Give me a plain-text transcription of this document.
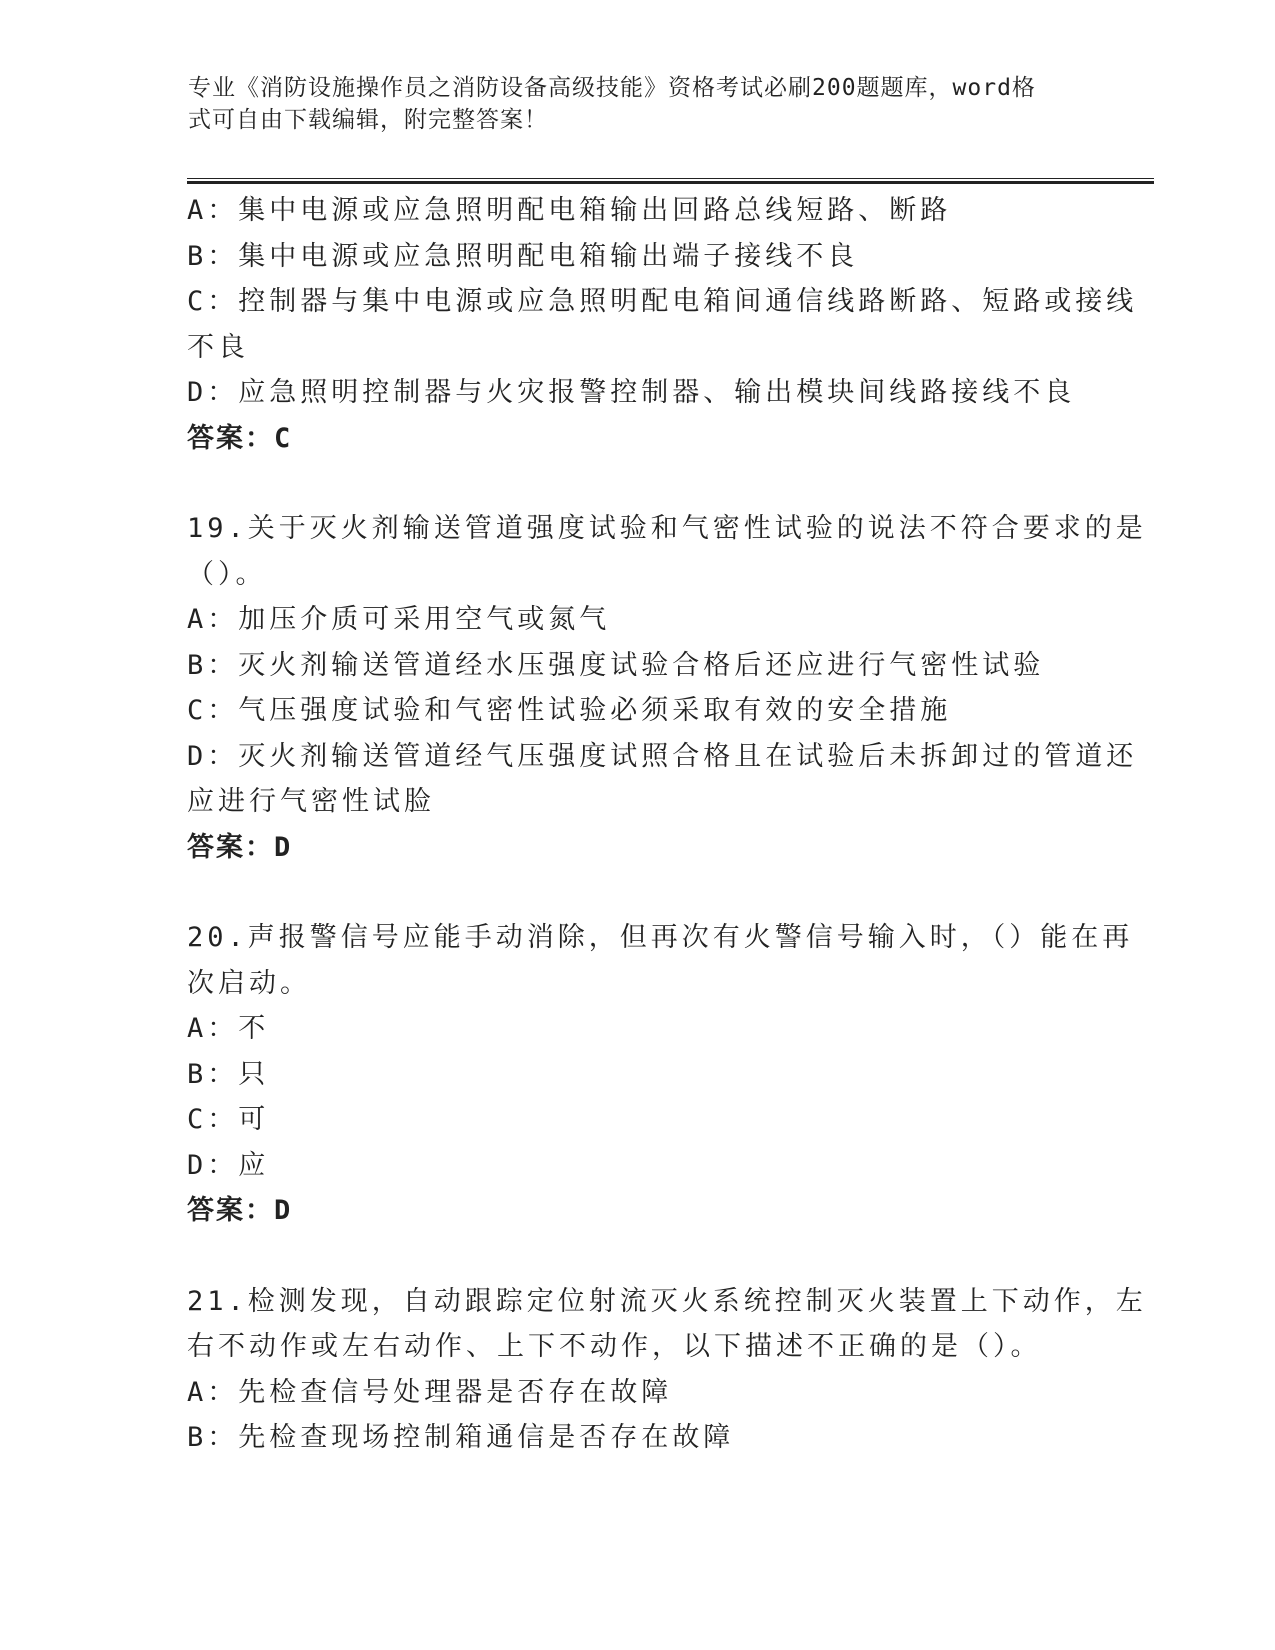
专业《消防设施操作员之消防设备高级技能》资格考试必刷200题题库，word格
式可自由下载编辑，附完整答案！
A：集中电源或应急照明配电箱输出回路总线短路、断路
B：集中电源或应急照明配电箱输出端子接线不良
C：控制器与集中电源或应急照明配电箱间通信线路断路、短路或接线
不良
D：应急照明控制器与火灾报警控制器、输出模块间线路接线不良
答案：C
19.关于灭火剂输送管道强度试验和气密性试验的说法不符合要求的是
（）。
A：加压介质可采用空气或氮气
B：灭火剂输送管道经水压强度试验合格后还应进行气密性试验
C：气压强度试验和气密性试验必须采取有效的安全措施
D：灭火剂输送管道经气压强度试照合格且在试验后未拆卸过的管道还
应进行气密性试脸
答案：D
20.声报警信号应能手动消除，但再次有火警信号输入时，（）能在再
次启动。
A：不
B：只
C：可
D：应
答案：D
21.检测发现，自动跟踪定位射流灭火系统控制灭火装置上下动作，左
右不动作或左右动作、上下不动作，以下描述不正确的是（）。
A：先检查信号处理器是否存在故障
B：先检查现场控制箱通信是否存在故障
